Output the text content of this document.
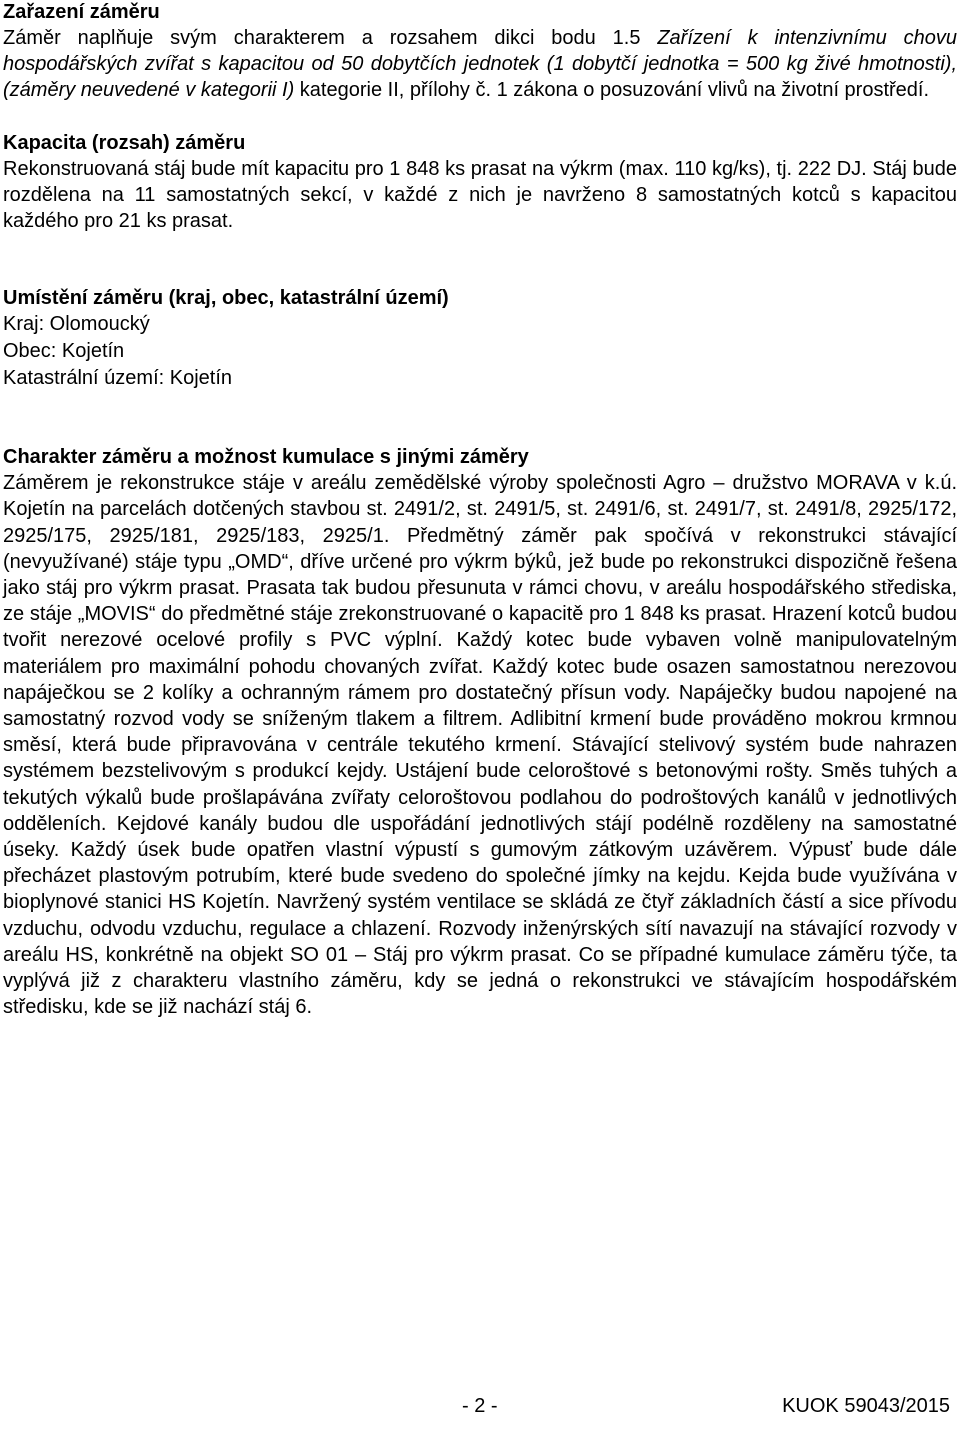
Zařazení záměru

Záměr naplňuje svým charakterem a rozsahem dikci bodu 1.5 Zařízení k intenzivnímu chovu hospodářských zvířat s kapacitou od 50 dobytčích jednotek (1 dobytčí jednotka = 500 kg živé hmotnosti), (záměry neuvedené v kategorii I) kategorie II, přílohy č. 1 zákona o posuzování vlivů na životní prostředí.

Kapacita (rozsah) záměru

Rekonstruovaná stáj bude mít kapacitu pro 1 848 ks prasat na výkrm (max. 110 kg/ks), tj. 222 DJ. Stáj bude rozdělena na 11 samostatných sekcí, v každé z nich je navrženo 8 samostatných kotců s kapacitou každého pro 21 ks prasat.

Umístění záměru (kraj, obec, katastrální území)

Kraj: Olomoucký

Obec: Kojetín

Katastrální území: Kojetín

Charakter záměru a možnost kumulace s jinými záměry

Záměrem je rekonstrukce stáje v areálu zemědělské výroby společnosti Agro – družstvo MORAVA v k.ú. Kojetín na parcelách dotčených stavbou st. 2491/2, st. 2491/5, st. 2491/6, st. 2491/7, st. 2491/8, 2925/172, 2925/175, 2925/181, 2925/183, 2925/1. Předmětný záměr pak spočívá v rekonstrukci stávající (nevyužívané) stáje typu „OMD“, dříve určené pro výkrm býků, jež bude po rekonstrukci dispozičně řešena jako stáj pro výkrm prasat. Prasata tak budou přesunuta v rámci chovu, v areálu hospodářského střediska, ze stáje „MOVIS“ do předmětné stáje zrekonstruované o kapacitě pro 1 848 ks prasat. Hrazení kotců budou tvořit nerezové ocelové profily s PVC výplní. Každý kotec bude vybaven volně manipulovatelným materiálem pro maximální pohodu chovaných zvířat. Každý kotec bude osazen samostatnou nerezovou napáječkou se 2 kolíky a ochranným rámem pro dostatečný přísun vody. Napáječky budou napojené na samostatný rozvod vody se sníženým tlakem a filtrem. Adlibitní krmení bude prováděno mokrou krmnou směsí, která bude připravována v centrále tekutého krmení. Stávající stelivový systém bude nahrazen systémem bezstelivovým s produkcí kejdy. Ustájení bude celoroštové s betonovými rošty. Směs tuhých a tekutých výkalů bude prošlapávána zvířaty celoroštovou podlahou do podroštových kanálů v jednotlivých odděleních. Kejdové kanály budou dle uspořádání jednotlivých stájí podélně rozděleny na samostatné úseky. Každý úsek bude opatřen vlastní výpustí s gumovým zátkovým uzávěrem. Výpusť bude dále přecházet plastovým potrubím, které bude svedeno do společné jímky na kejdu. Kejda bude využívána v bioplynové stanici HS Kojetín. Navržený systém ventilace se skládá ze čtyř základních částí a sice přívodu vzduchu, odvodu vzduchu, regulace a chlazení. Rozvody inženýrských sítí navazují na stávající rozvody v areálu HS, konkrétně na objekt SO 01 – Stáj pro výkrm prasat. Co se případné kumulace záměru týče, ta vyplývá již z charakteru vlastního záměru, kdy se jedná o rekonstrukci ve stávajícím hospodářském středisku, kde se již nachází stáj 6.

- 2 -	KUOK 59043/2015
